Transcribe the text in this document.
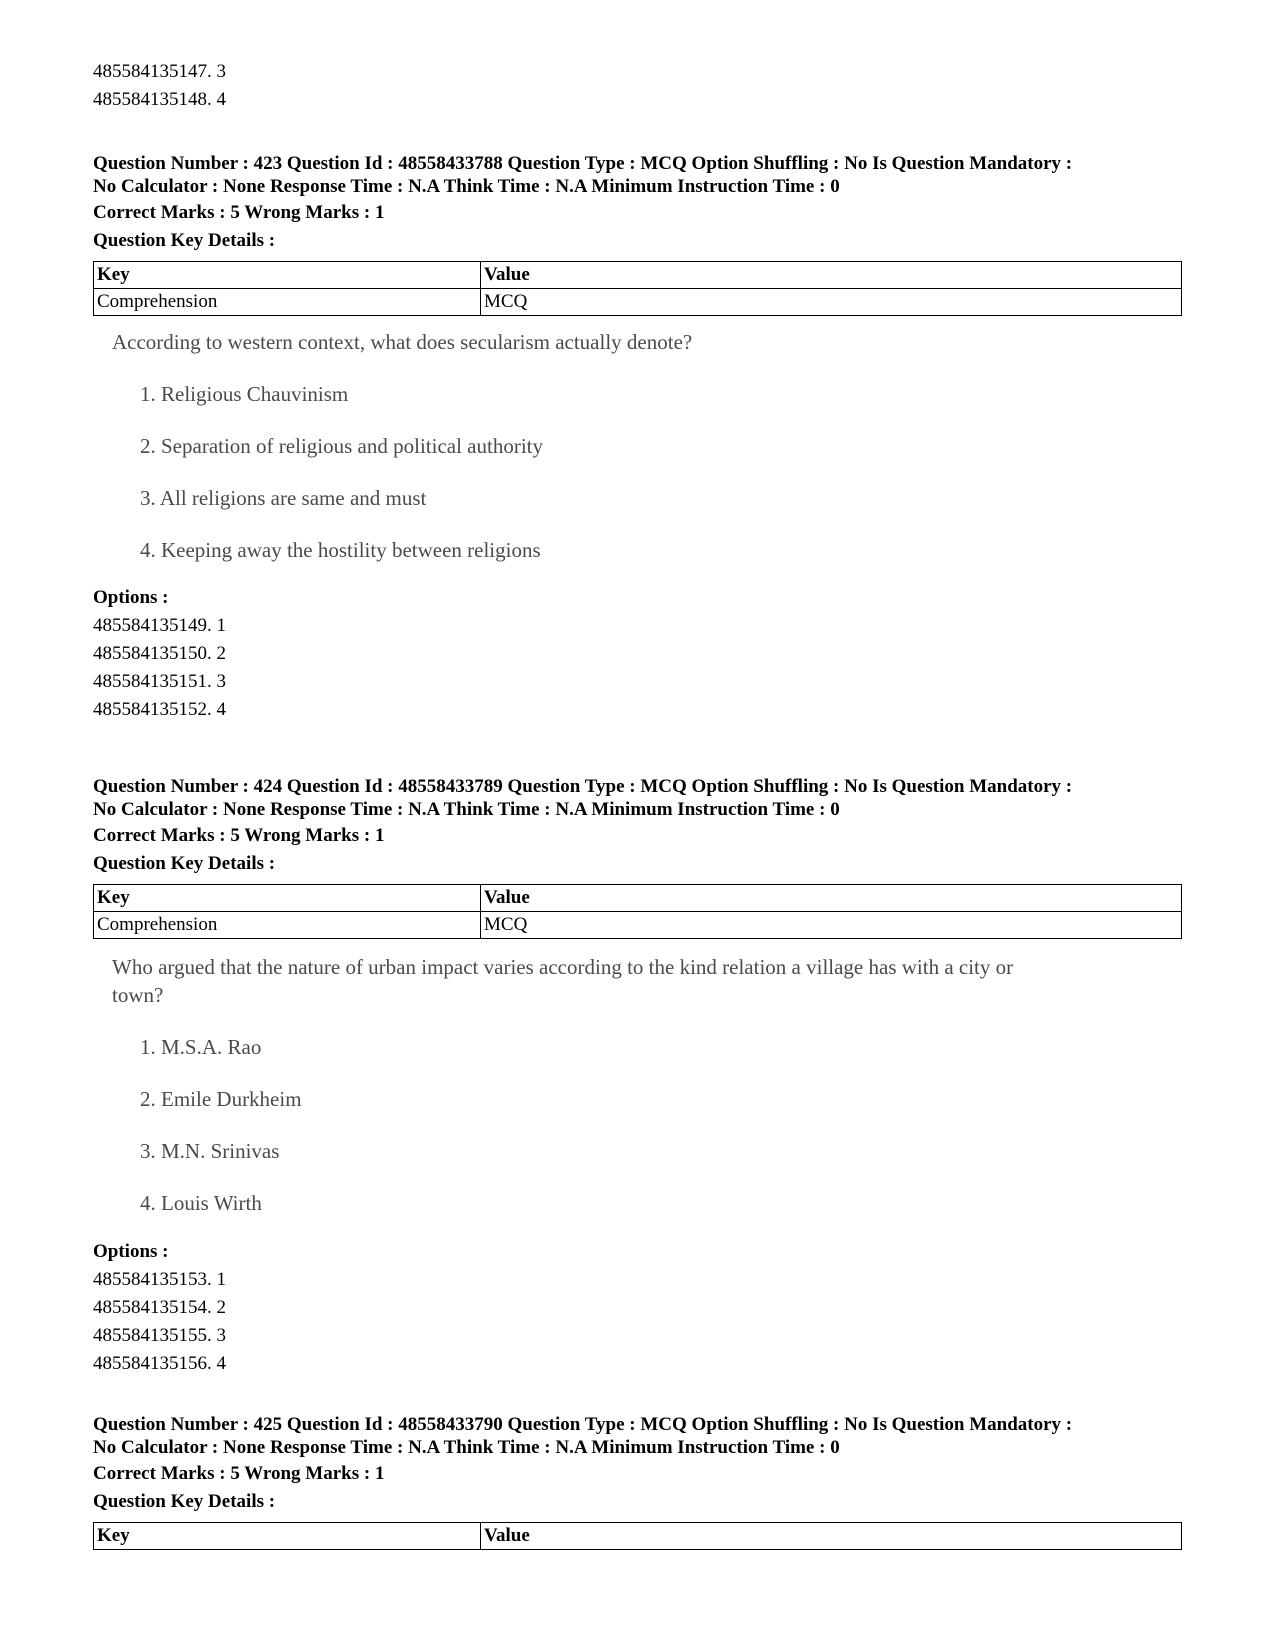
485584135147. 3
485584135148. 4
Question Number : 423 Question Id : 48558433788 Question Type : MCQ Option Shuffling : No Is Question Mandatory :
No Calculator : None Response Time : N.A Think Time : N.A Minimum Instruction Time : 0
Correct Marks : 5 Wrong Marks : 1
Question Key Details :
Key	Value
Comprehension	MCQ
According to western context, what does secularism actually denote?
1. Religious Chauvinism
2. Separation of religious and political authority
3. All religions are same and must
4. Keeping away the hostility between religions
Options :
485584135149. 1
485584135150. 2
485584135151. 3
485584135152. 4
Question Number : 424 Question Id : 48558433789 Question Type : MCQ Option Shuffling : No Is Question Mandatory :
No Calculator : None Response Time : N.A Think Time : N.A Minimum Instruction Time : 0
Correct Marks : 5 Wrong Marks : 1
Question Key Details :
Key	Value
Comprehension	MCQ
Who argued that the nature of urban impact varies according to the kind relation a village has with a city or
town?
1. M.S.A. Rao
2. Emile Durkheim
3. M.N. Srinivas
4. Louis Wirth
Options :
485584135153. 1
485584135154. 2
485584135155. 3
485584135156. 4
Question Number : 425 Question Id : 48558433790 Question Type : MCQ Option Shuffling : No Is Question Mandatory :
No Calculator : None Response Time : N.A Think Time : N.A Minimum Instruction Time : 0
Correct Marks : 5 Wrong Marks : 1
Question Key Details :
Key	Value
